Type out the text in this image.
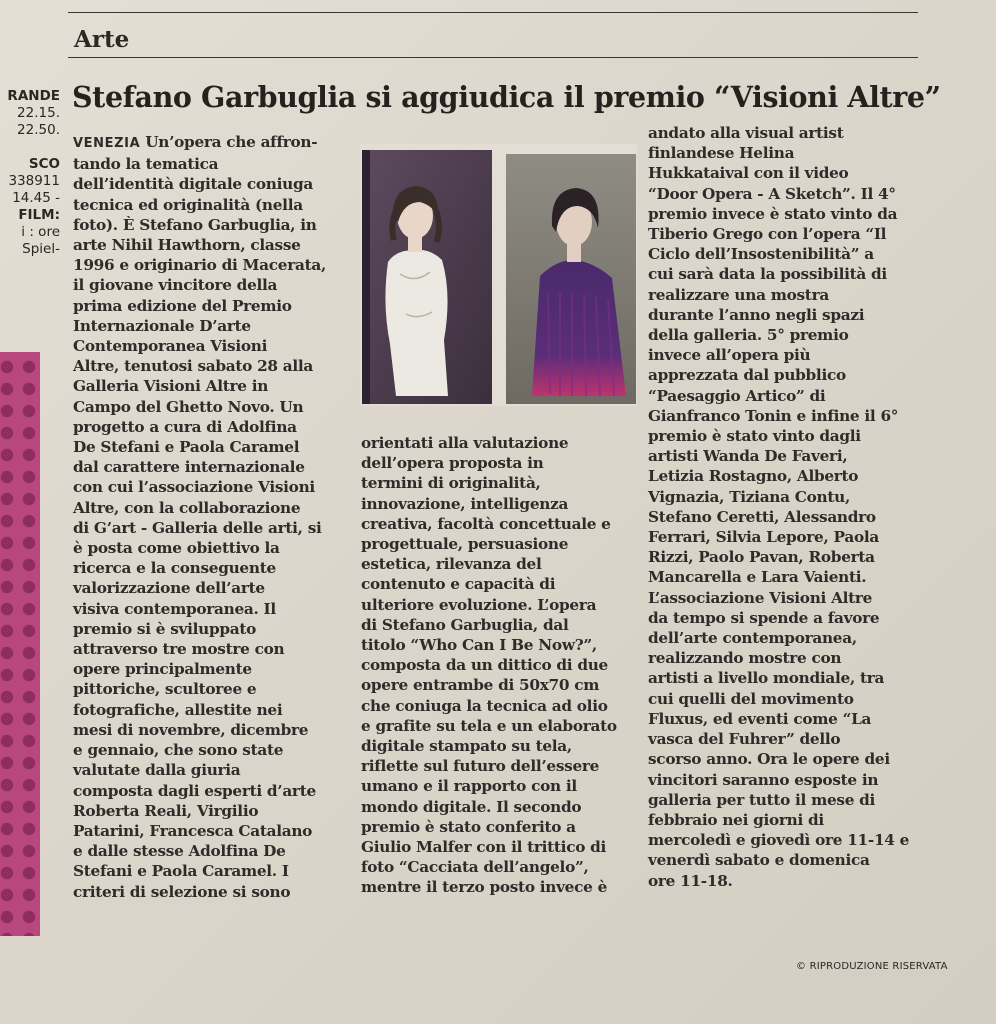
Arte
Stefano Garbuglia si aggiudica il premio “Visioni Altre”
RANDE
22.15.
22.50.

SCO
338911
14.45 -
FILM:
i : ore
Spiel-
VENEZIA Un’opera che affron-
tando la tematica
dell’identità digitale coniuga
tecnica ed originalità (nella
foto). È Stefano Garbuglia, in
arte Nihil Hawthorn, classe
1996 e originario di Macerata,
il giovane vincitore della
prima edizione del Premio
Internazionale D’arte
Contemporanea Visioni
Altre, tenutosi sabato 28 alla
Galleria Visioni Altre in
Campo del Ghetto Novo. Un
progetto a cura di Adolfina
De Stefani e Paola Caramel
dal carattere internazionale
con cui l’associazione Visioni
Altre, con la collaborazione
di G’art - Galleria delle arti, si
è posta come obiettivo la
ricerca e la conseguente
valorizzazione dell’arte
visiva contemporanea. Il
premio si è sviluppato
attraverso tre mostre con
opere principalmente
pittoriche, scultoree e
fotografiche, allestite nei
mesi di novembre, dicembre
e gennaio, che sono state
valutate dalla giuria
composta dagli esperti d’arte
Roberta Reali, Virgilio
Patarini, Francesca Catalano
e dalle stesse Adolfina De
Stefani e Paola Caramel. I
criteri di selezione si sono
orientati alla valutazione
dell’opera proposta in
termini di originalità,
innovazione, intelligenza
creativa, facoltà concettuale e
progettuale, persuasione
estetica, rilevanza del
contenuto e capacità di
ulteriore evoluzione. L’opera
di Stefano Garbuglia, dal
titolo “Who Can I Be Now?”,
composta da un dittico di due
opere entrambe di 50x70 cm
che coniuga la tecnica ad olio
e grafite su tela e un elaborato
digitale stampato su tela,
riflette sul futuro dell’essere
umano e il rapporto con il
mondo digitale. Il secondo
premio è stato conferito a
Giulio Malfer con il trittico di
foto “Cacciata dell’angelo”,
mentre il terzo posto invece è
andato alla visual artist
finlandese Helina
Hukkataival con il video
“Door Opera - A Sketch”. Il 4°
premio invece è stato vinto da
Tiberio Grego con l’opera “Il
Ciclo dell’Insostenibilità” a
cui sarà data la possibilità di
realizzare una mostra
durante l’anno negli spazi
della galleria. 5° premio
invece all’opera più
apprezzata dal pubblico
“Paesaggio Artico” di
Gianfranco Tonin e infine il 6°
premio è stato vinto dagli
artisti Wanda De Faveri,
Letizia Rostagno, Alberto
Vignazia, Tiziana Contu,
Stefano Ceretti, Alessandro
Ferrari, Silvia Lepore, Paola
Rizzi, Paolo Pavan, Roberta
Mancarella e Lara Vaienti.
L’associazione Visioni Altre
da tempo si spende a favore
dell’arte contemporanea,
realizzando mostre con
artisti a livello mondiale, tra
cui quelli del movimento
Fluxus, ed eventi come “La
vasca del Fuhrer” dello
scorso anno. Ora le opere dei
vincitori saranno esposte in
galleria per tutto il mese di
febbraio nei giorni di
mercoledì e giovedì ore 11-14 e
venerdì sabato e domenica
ore 11-18.
© RIPRODUZIONE RISERVATA
